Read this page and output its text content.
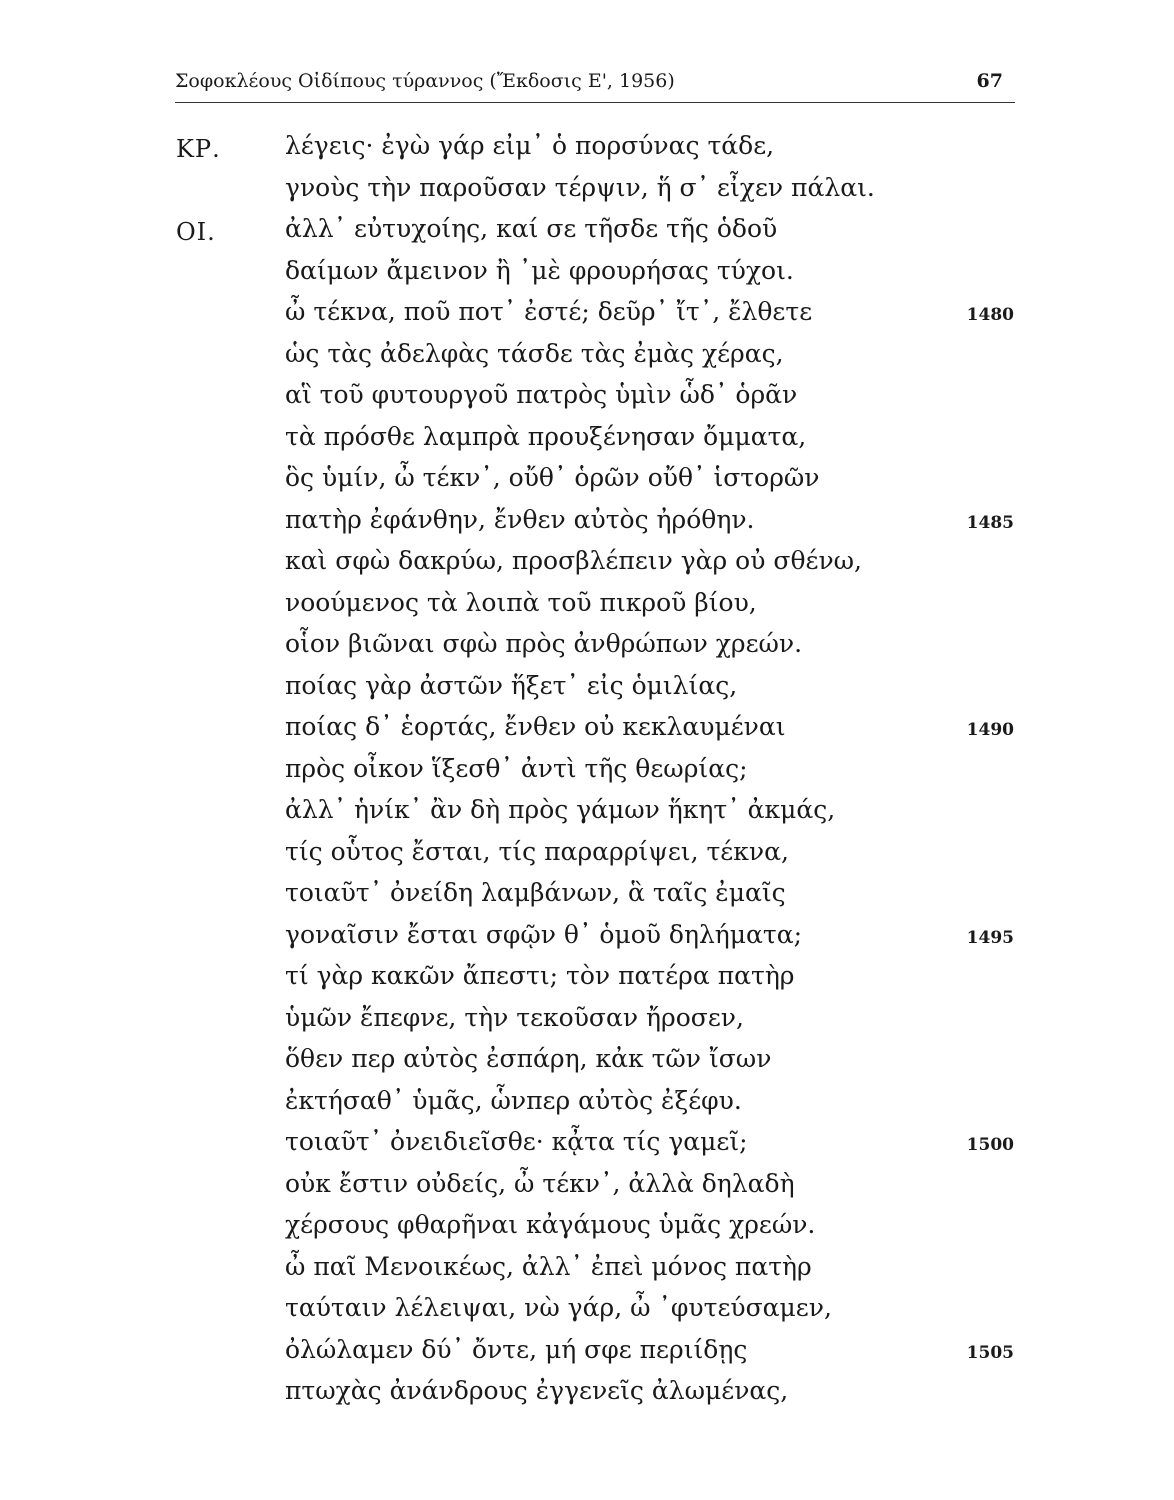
Σοφοκλέους Οἰδίπους τύραννος (Ἔκδοσις Ε', 1956)	67
ΚΡ.	λέγεις· ἐγὼ γάρ εἰμ᾽ ὁ πορσύνας τάδε,
γνοὺς τὴν παροῦσαν τέρψιν, ἥ σ᾽ εἶχεν πάλαι.
ΟΙ.	ἀλλ᾽ εὐτυχοίης, καί σε τῆσδε τῆς ὁδοῦ
δαίμων ἄμεινον ἢ ᾽μὲ φρουρήσας τύχοι.
ὦ τέκνα, ποῦ ποτ᾽ ἐστέ; δεῦρ᾽ ἴτ᾽, ἔλθετε	1480
ὡς τὰς ἀδελφὰς τάσδε τὰς ἐμὰς χέρας,
αἳ τοῦ φυτουργοῦ πατρὸς ὑμὶν ὧδ᾽ ὁρᾶν
τὰ πρόσθε λαμπρὰ προυξένησαν ὄμματα,
ὃς ὑμίν, ὦ τέκν᾽, οὔθ᾽ ὁρῶν οὔθ᾽ ἱστορῶν
πατὴρ ἐφάνθην, ἔνθεν αὐτὸς ἠρόθην.	1485
καὶ σφὼ δακρύω, προσβλέπειν γὰρ οὐ σθένω,
νοούμενος τὰ λοιπὰ τοῦ πικροῦ βίου,
οἷον βιῶναι σφὼ πρὸς ἀνθρώπων χρεών.
ποίας γὰρ ἀστῶν ἥξετ᾽ εἰς ὁμιλίας,
ποίας δ᾽ ἑορτάς, ἔνθεν οὐ κεκλαυμέναι	1490
πρὸς οἶκον ἵξεσθ᾽ ἀντὶ τῆς θεωρίας;
ἀλλ᾽ ἡνίκ᾽ ἂν δὴ πρὸς γάμων ἥκητ᾽ ἀκμάς,
τίς οὗτος ἔσται, τίς παραρρίψει, τέκνα,
τοιαῦτ᾽ ὀνείδη λαμβάνων, ἃ ταῖς ἐμαῖς
γοναῖσιν ἔσται σφῷν θ᾽ ὁμοῦ δηλήματα;	1495
τί γὰρ κακῶν ἄπεστι; τὸν πατέρα πατὴρ
ὑμῶν ἔπεφνε, τὴν τεκοῦσαν ἤροσεν,
ὅθεν περ αὐτὸς ἐσπάρη, κἀκ τῶν ἴσων
ἐκτήσαθ᾽ ὑμᾶς, ὧνπερ αὐτὸς ἐξέφυ.
τοιαῦτ᾽ ὀνειδιεῖσθε· κᾆτα τίς γαμεῖ;	1500
οὐκ ἔστιν οὐδείς, ὦ τέκν᾽, ἀλλὰ δηλαδὴ
χέρσους φθαρῆναι κἀγάμους ὑμᾶς χρεών.
ὦ παῖ Μενοικέως, ἀλλ᾽ ἐπεὶ μόνος πατὴρ
ταύταιν λέλειψαι, νὼ γάρ, ὦ ᾽φυτεύσαμεν,
ὀλώλαμεν δύ᾽ ὄντε, μή σφε περιίδῃς	1505
πτωχὰς ἀνάνδρους ἐγγενεῖς ἀλωμένας,
